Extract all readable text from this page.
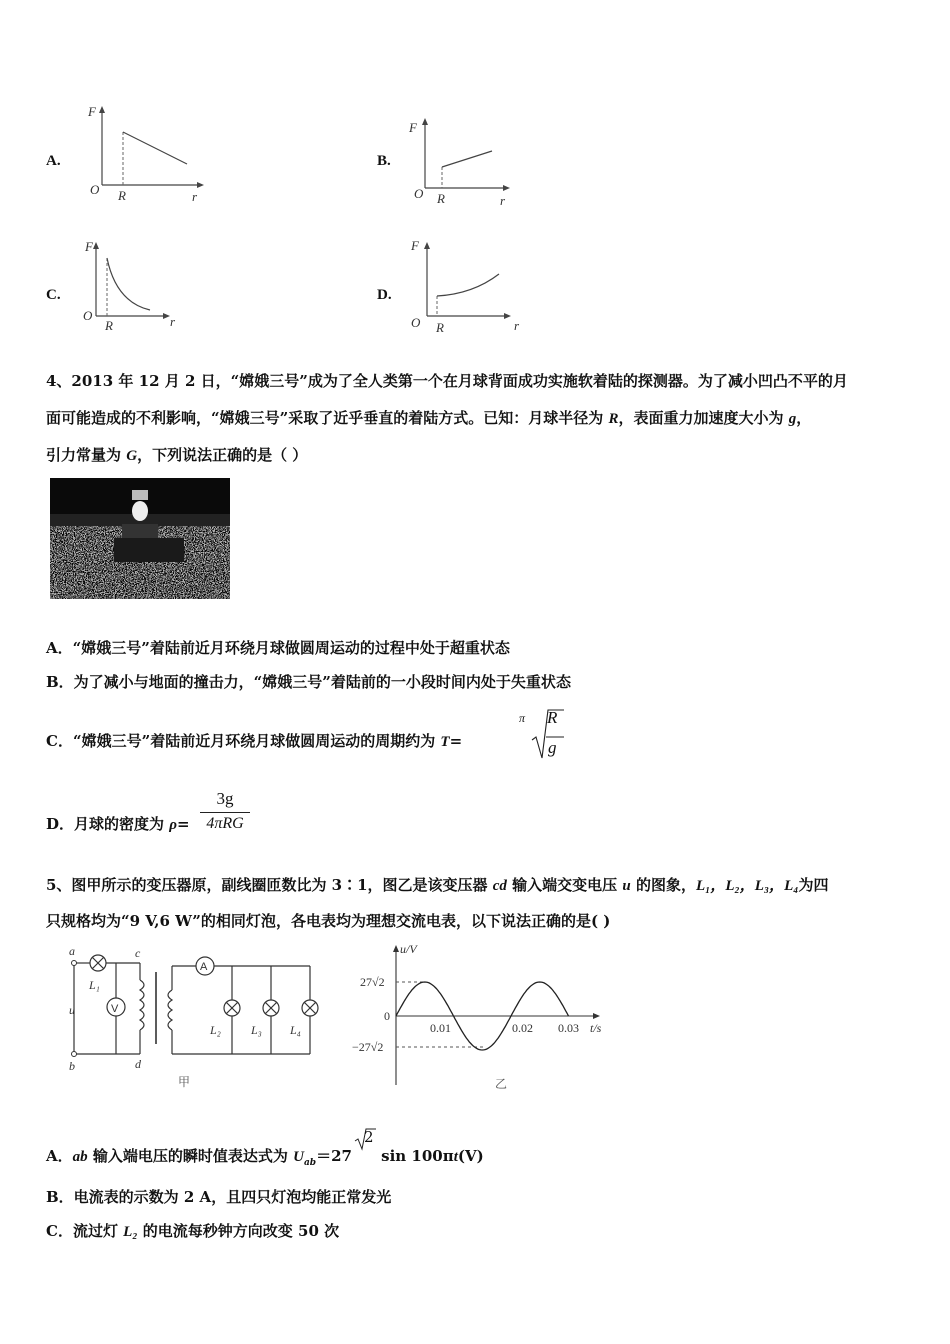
A.
F
O R	r
B.
F
O R	r
C.
F
O
R	r
D.
F
O R	r
4、2013 年 12 月 2 日，“嫦娥三号”成为了全人类第一个在月球背面成功实施软着陆的探测器。为了减小凹凸不平的月
面可能造成的不利影响，“嫦娥三号”采取了近乎垂直的着陆方式。已知：月球半径为 R，表面重力加速度大小为 g，
引力常量为 G，下列说法正确的是（ ）
A．“嫦娥三号”着陆前近月环绕月球做圆周运动的过程中处于超重状态
B．为了减小与地面的撞击力，“嫦娥三号”着陆前的一小段时间内处于失重状态
C．“嫦娥三号”着陆前近月环绕月球做圆周运动的周期约为 T=
π R
g
D．月球的密度为 ρ=
3g
4πRG
5、图甲所示的变压器原，副线圈匝数比为 3∶1，图乙是该变压器 cd 输入端交变电压 u 的图象，L₁，L₂，L₃，L₄为四
只规格均为“9 V,6 W”的相同灯泡，各电表均为理想交流电表，以下说法正确的是( )
a
b
c
d
u
L₁
L₂	L₃ L₄
V
A
甲
u/V
t/s
27√2
−27√2
0
0.01	0.02 0.03
乙
A．ab 输入端电压的瞬时值表达式为 $U_{ab}=27$
2
sin 100πt(V)
B．电流表的示数为 2 A，且四只灯泡均能正常发光
C．流过灯 L₂ 的电流每秒钟方向改变 50 次
